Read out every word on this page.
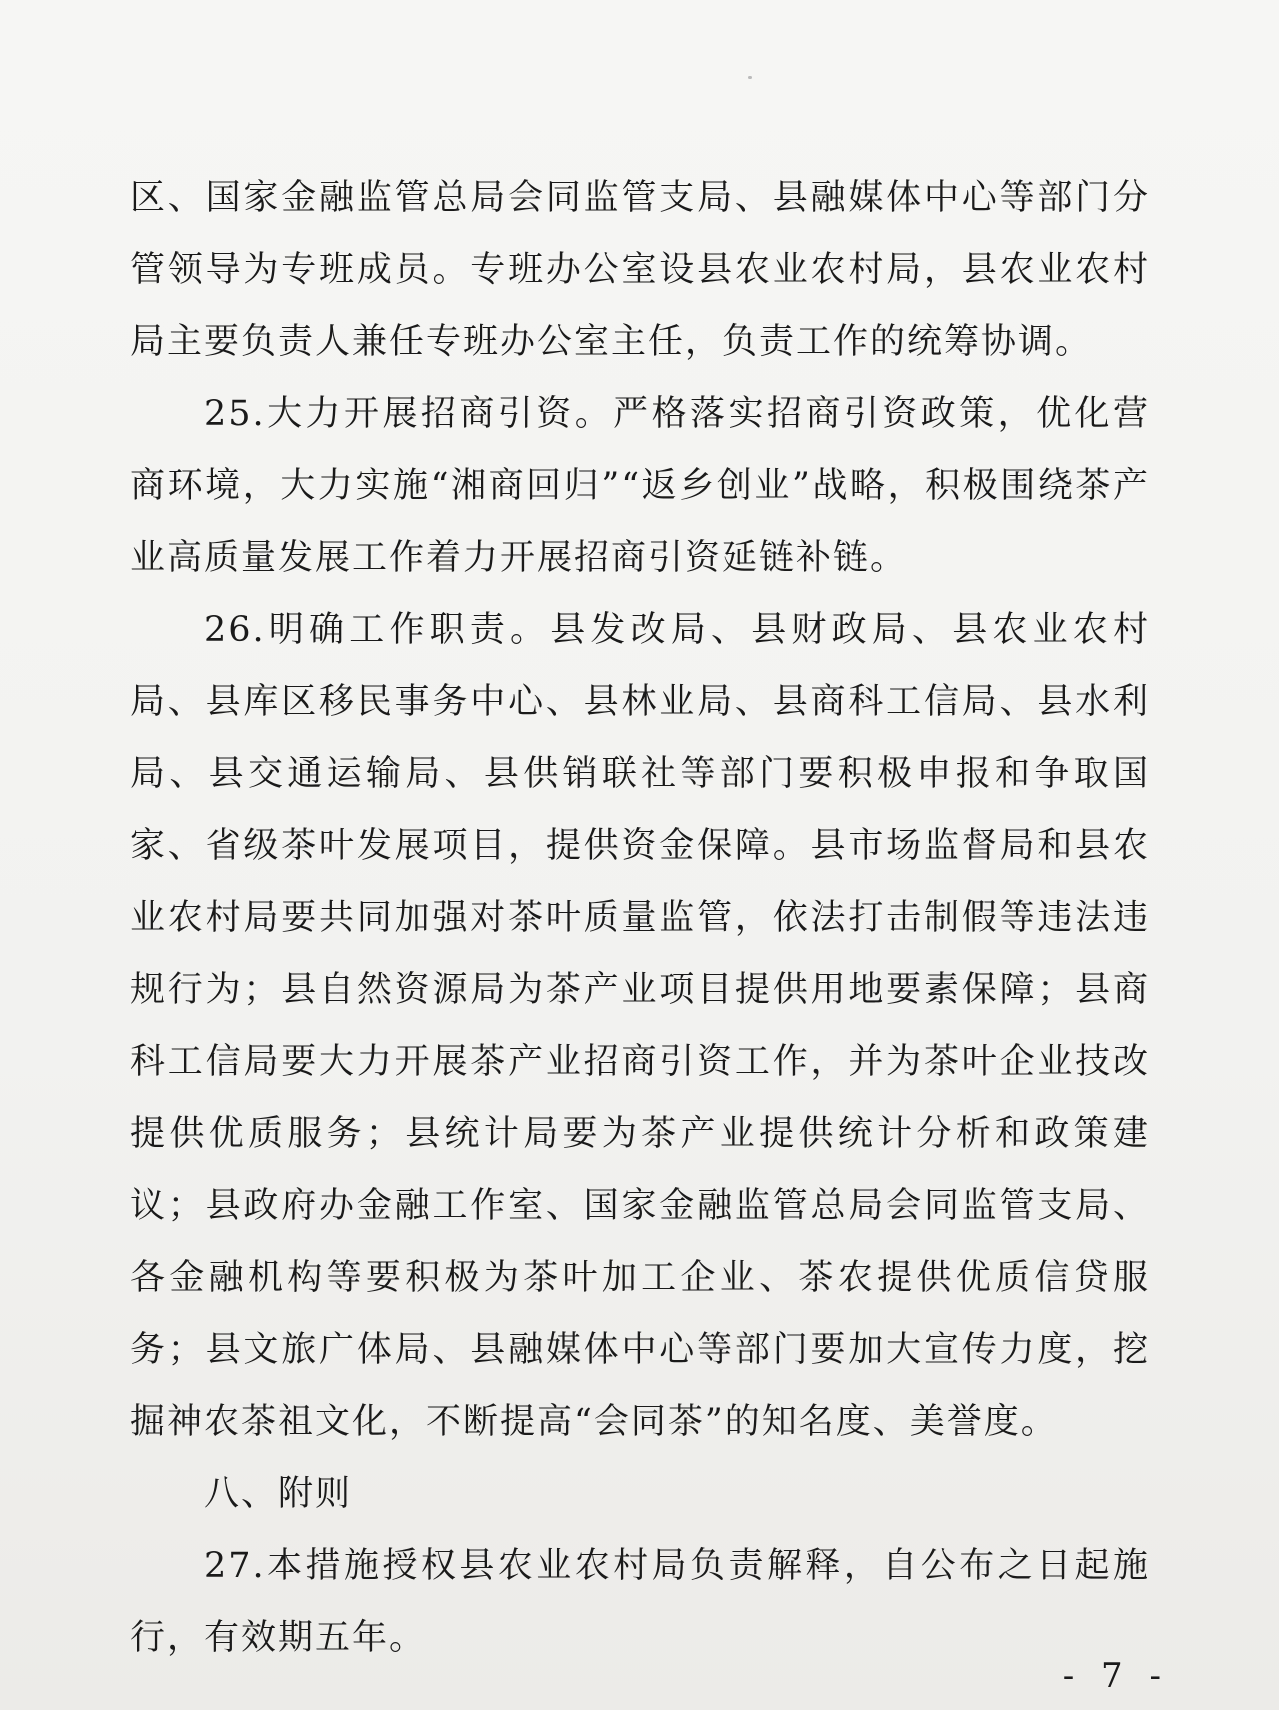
区、国家金融监管总局会同监管支局、县融媒体中心等部门分管领导为专班成员。专班办公室设县农业农村局，县农业农村局主要负责人兼任专班办公室主任，负责工作的统筹协调。

25.大力开展招商引资。严格落实招商引资政策，优化营商环境，大力实施“湘商回归”“返乡创业”战略，积极围绕茶产业高质量发展工作着力开展招商引资延链补链。

26.明确工作职责。县发改局、县财政局、县农业农村局、县库区移民事务中心、县林业局、县商科工信局、县水利局、县交通运输局、县供销联社等部门要积极申报和争取国家、省级茶叶发展项目，提供资金保障。县市场监督局和县农业农村局要共同加强对茶叶质量监管，依法打击制假等违法违规行为；县自然资源局为茶产业项目提供用地要素保障；县商科工信局要大力开展茶产业招商引资工作，并为茶叶企业技改提供优质服务；县统计局要为茶产业提供统计分析和政策建议；县政府办金融工作室、国家金融监管总局会同监管支局、各金融机构等要积极为茶叶加工企业、茶农提供优质信贷服务；县文旅广体局、县融媒体中心等部门要加大宣传力度，挖掘神农茶祖文化，不断提高“会同茶”的知名度、美誉度。

八、附则

27.本措施授权县农业农村局负责解释，自公布之日起施行，有效期五年。

- 7 -
